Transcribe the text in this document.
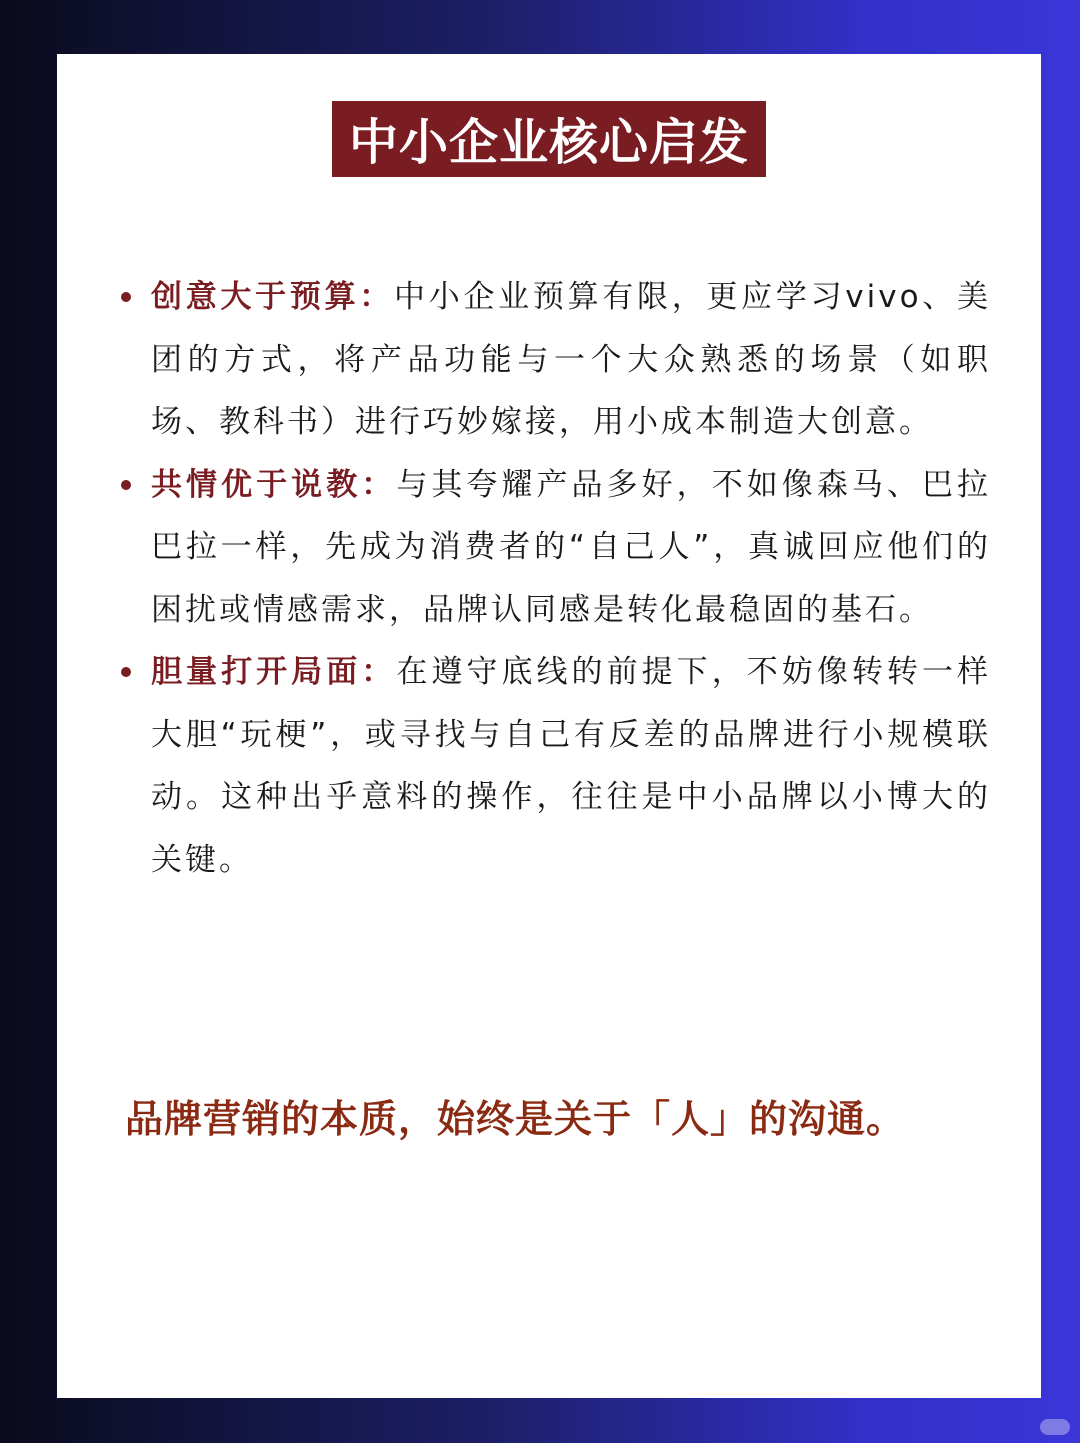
中小企业核心启发
创意大于预算：中小企业预算有限，更应学习vivo、美团的方式，将产品功能与一个大众熟悉的场景（如职场、教科书）进行巧妙嫁接，用小成本制造大创意。
共情优于说教：与其夸耀产品多好，不如像森马、巴拉巴拉一样，先成为消费者的“自己人”，真诚回应他们的困扰或情感需求，品牌认同感是转化最稳固的基石。
胆量打开局面：在遵守底线的前提下，不妨像转转一样大胆“玩梗”，或寻找与自己有反差的品牌进行小规模联动。这种出乎意料的操作，往往是中小品牌以小博大的关键。
品牌营销的本质，始终是关于「人」的沟通。
